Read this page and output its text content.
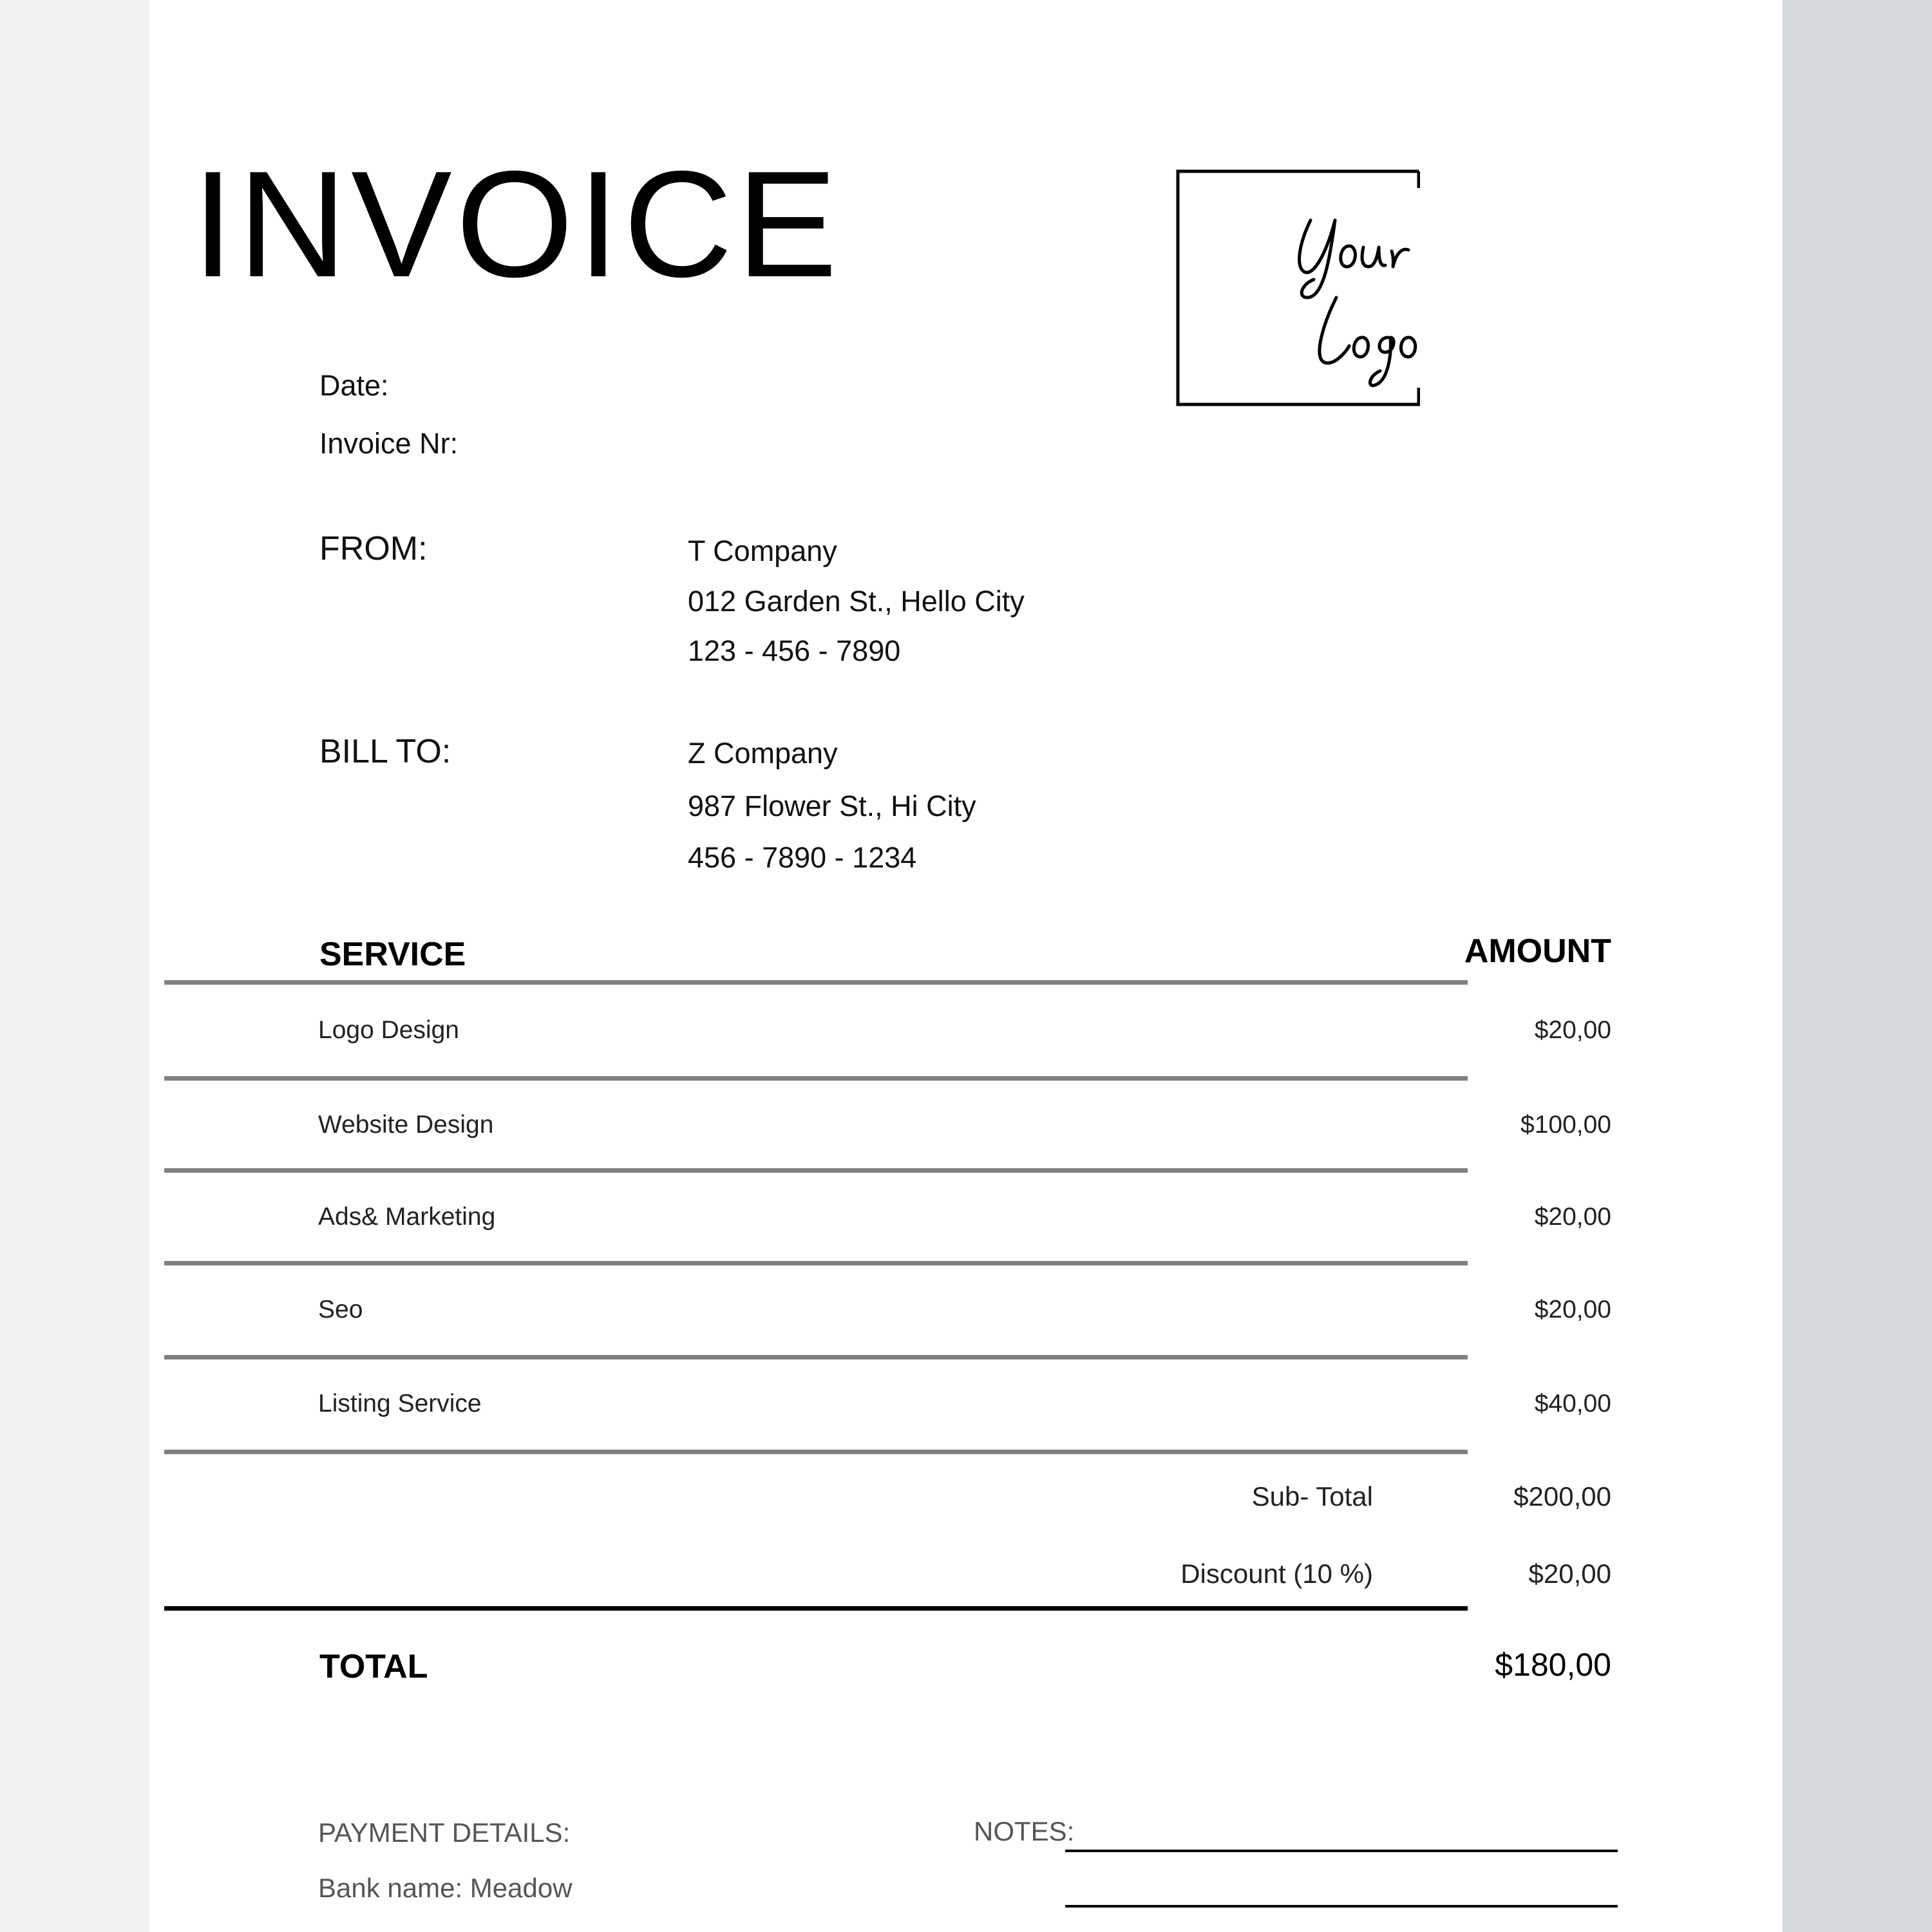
INVOICE
Date:
Invoice Nr:
FROM:	T Company
012 Garden St., Hello City
123 - 456 - 7890
BILL TO:	Z Company
987 Flower St., Hi City
456 - 7890 - 1234
SERVICE	AMOUNT
Logo Design	$20,00
Website Design	$100,00
Ads& Marketing	$20,00
Seo	$20,00
Listing Service	$40,00
Sub- Total	$200,00
Discount (10 %)	$20,00
TOTAL	$180,00
PAYMENT DETAILS:
Bank name: Meadow
NOTES:
